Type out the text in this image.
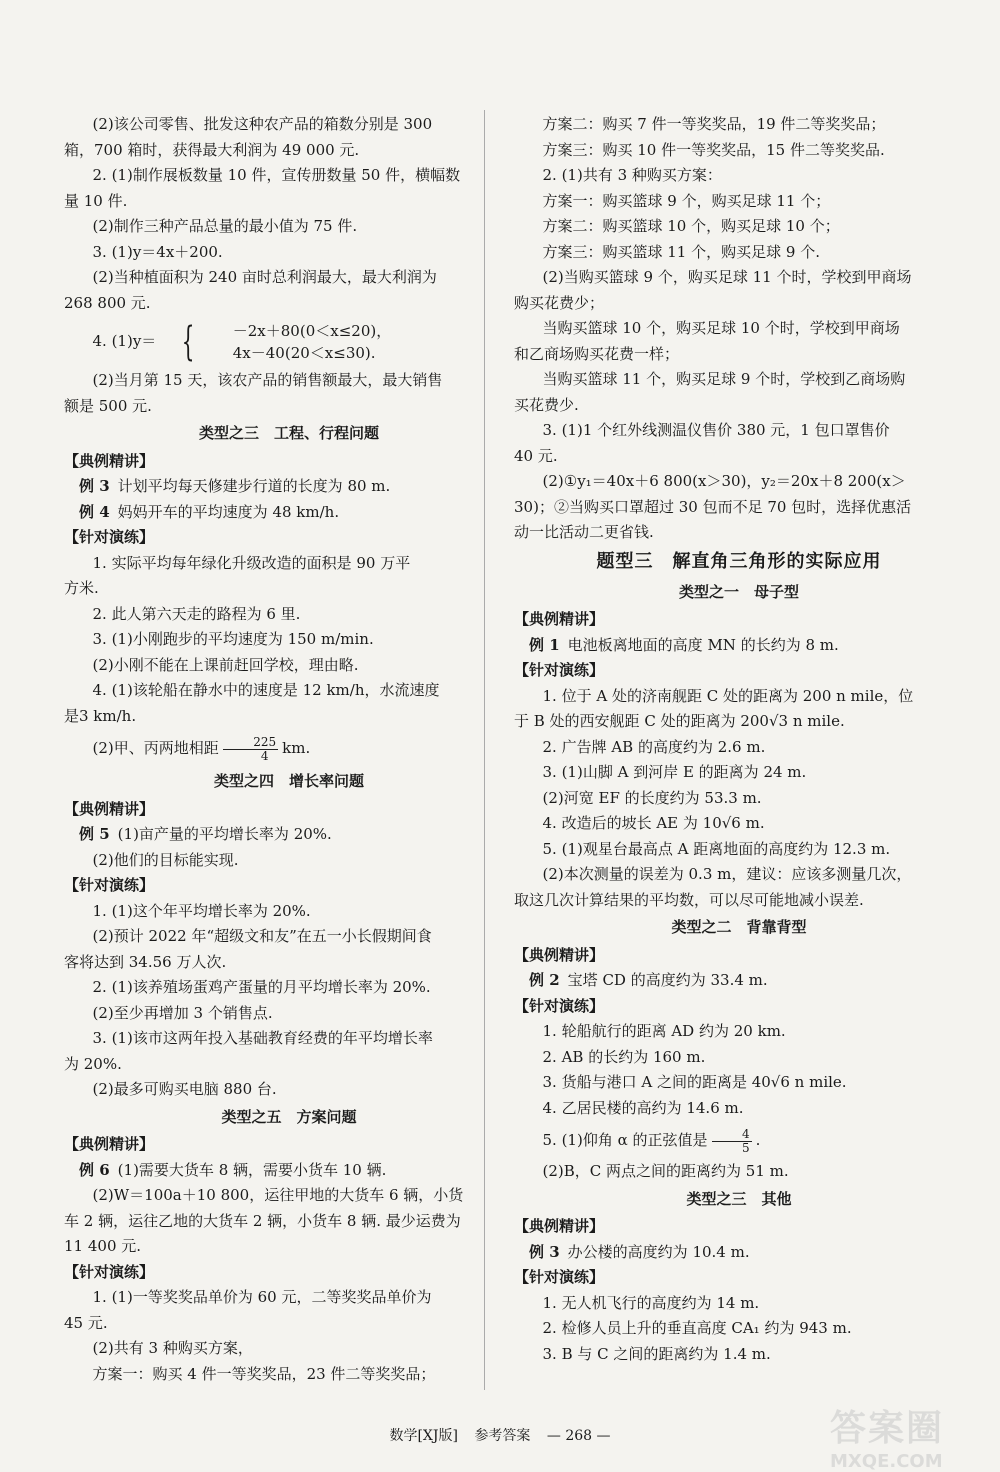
(2)该公司零售、批发这种农产品的箱数分别是 300

箱，700 箱时，获得最大利润为 49 000 元.

2. (1)制作展板数量 10 件，宣传册数量 50 件，横幅数

量 10 件.

(2)制作三种产品总量的最小值为 75 件.

3. (1)y＝4x＋200.

(2)当种植面积为 240 亩时总利润最大，最大利润为

268 800 元.

4. (1)y＝ {	－2x＋80(0＜x≤20)，
4x－40(20＜x≤30).

(2)当月第 15 天，该农产品的销售额最大，最大销售

额是 500 元.

类型之三　工程、行程问题

【典例精讲】

例 3 计划平均每天修建步行道的长度为 80 m.

例 4 妈妈开车的平均速度为 48 km/h.

【针对演练】

1. 实际平均每年绿化升级改造的面积是 90 万平

方米.

2. 此人第六天走的路程为 6 里.

3. (1)小刚跑步的平均速度为 150 m/min.

(2)小刚不能在上课前赶回学校，理由略.

4. (1)该轮船在静水中的速度是 12 km/h，水流速度

是3 km/h.

(2)甲、丙两地相距 $\frac{225}{4}$ km.

类型之四　增长率问题

【典例精讲】

例 5 (1)亩产量的平均增长率为 20%.

(2)他们的目标能实现.

【针对演练】

1. (1)这个年平均增长率为 20%.

(2)预计 2022 年“超级文和友”在五一小长假期间食

客将达到 34.56 万人次.

2. (1)该养殖场蛋鸡产蛋量的月平均增长率为 20%.

(2)至少再增加 3 个销售点.

3. (1)该市这两年投入基础教育经费的年平均增长率

为 20%.

(2)最多可购买电脑 880 台.

类型之五　方案问题

【典例精讲】

例 6 (1)需要大货车 8 辆，需要小货车 10 辆.

(2)W＝100a＋10 800，运往甲地的大货车 6 辆，小货

车 2 辆，运往乙地的大货车 2 辆，小货车 8 辆. 最少运费为

11 400 元.

【针对演练】

1. (1)一等奖奖品单价为 60 元，二等奖奖品单价为

45 元.

(2)共有 3 种购买方案，

方案一：购买 4 件一等奖奖品，23 件二等奖奖品；

方案二：购买 7 件一等奖奖品，19 件二等奖奖品；

方案三：购买 10 件一等奖奖品，15 件二等奖奖品.

2. (1)共有 3 种购买方案：

方案一：购买篮球 9 个，购买足球 11 个；

方案二：购买篮球 10 个，购买足球 10 个；

方案三：购买篮球 11 个，购买足球 9 个.

(2)当购买篮球 9 个，购买足球 11 个时，学校到甲商场

购买花费少；

当购买篮球 10 个，购买足球 10 个时，学校到甲商场

和乙商场购买花费一样；

当购买篮球 11 个，购买足球 9 个时，学校到乙商场购

买花费少.

3. (1)1 个红外线测温仪售价 380 元，1 包口罩售价

40 元.

(2)①y₁＝40x＋6 800(x＞30)，y₂＝20x＋8 200(x＞

30)；②当购买口罩超过 30 包而不足 70 包时，选择优惠活

动一比活动二更省钱.

题型三　解直角三角形的实际应用

类型之一　母子型

【典例精讲】

例 1 电池板离地面的高度 MN 的长约为 8 m.

【针对演练】

1. 位于 A 处的济南舰距 C 处的距离为 200 n mile，位

于 B 处的西安舰距 C 处的距离为 200√3 n mile.

2. 广告牌 AB 的高度约为 2.6 m.

3. (1)山脚 A 到河岸 E 的距离为 24 m.

(2)河宽 EF 的长度约为 53.3 m.

4. 改造后的坡长 AE 为 10√6 m.

5. (1)观星台最高点 A 距离地面的高度约为 12.3 m.

(2)本次测量的误差为 0.3 m，建议：应该多测量几次，

取这几次计算结果的平均数，可以尽可能地减小误差.

类型之二　背靠背型

【典例精讲】

例 2 宝塔 CD 的高度约为 33.4 m.

【针对演练】

1. 轮船航行的距离 AD 约为 20 km.

2. AB 的长约为 160 m.

3. 货船与港口 A 之间的距离是 40√6 n mile.

4. 乙居民楼的高约为 14.6 m.

5. (1)仰角 α 的正弦值是 $\frac{4}{5}$ .

(2)B，C 两点之间的距离约为 51 m.

类型之三　其他

【典例精讲】

例 3 办公楼的高度约为 10.4 m.

【针对演练】

1. 无人机飞行的高度约为 14 m.

2. 检修人员上升的垂直高度 CA₁ 约为 943 m.

3. B 与 C 之间的距离约为 1.4 m.

数学[XJ版] 参考答案 — 268 —	答案圈
MXQE.COM
